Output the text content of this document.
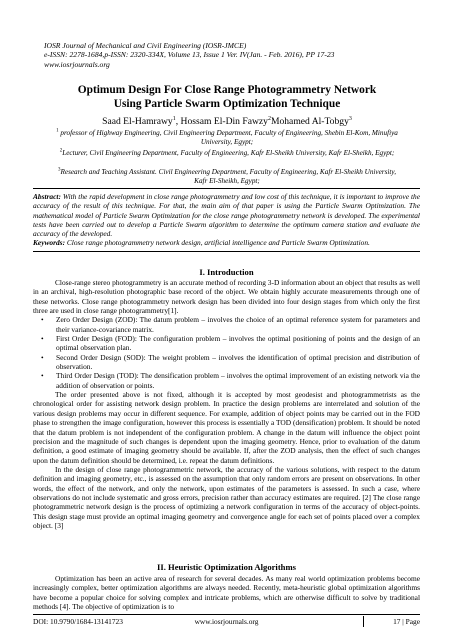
IOSR Journal of Mechanical and Civil Engineering (IOSR-JMCE)
e-ISSN: 2278-1684,p-ISSN: 2320-334X, Volume 13, Issue 1 Ver. IV(Jan. - Feb. 2016), PP 17-23
www.iosrjournals.org
Optimum Design For Close Range Photogrammetry Network
Using Particle Swarm Optimization Technique
Saad El-Hamrawy$^1$, Hossam El-Din Fawzy$^2$Mohamed Al-Tobgy$^3$
$^1$ professor of Highway Engineering, Civil Engineering Department, Faculty of Engineering, Shebin El-Kom, Minufiya University, Egypt;
$^2$Lecturer, Civil Engineering Department, Faculty of Engineering, Kafr El-Sheikh University, Kafr El-Sheikh, Egypt;
$^3$Research and Teaching Assistant. Civil Engineering Department, Faculty of Engineering, Kafr El-Sheikh University, Kafr El-Sheikh, Egypt;
Abstract: With the rapid development in close range photogrammetry and low cost of this technique, it is important to improve the accuracy of the result of this technique. For that, the main aim of that paper is using the Particle Swarm Optimization. The mathematical model of Particle Swarm Optimization for the close range photogrammetry network is developed. The experimental tests have been carried out to develop a Particle Swarm algorithm to determine the optimum camera station and evaluate the accuracy of the developed.
Keywords: Close range photogrammetry network design, artificial intelligence and Particle Swarm Optimization.
I. Introduction

Close-range stereo photogrammetry is an accurate method of recording 3-D information about an object that results as well in an archival, high-resolution photographic base record of the object. We obtain highly accurate measurements through one of these networks. Close range photogrammetry network design has been divided into four design stages from which only the first three are used in close range photogrammetry[1].

• Zero Order Design (ZOD): The datum problem – involves the choice of an optimal reference system for parameters and their variance-covariance matrix.
• First Order Design (FOD): The configuration problem – involves the optimal positioning of points and the design of an optimal observation plan.
• Second Order Design (SOD): The weight problem – involves the identification of optimal precision and distribution of observation.
• Third Order Design (TOD): The densification problem – involves the optimal improvement of an existing network via the addition of observation or points.

The order presented above is not fixed, although it is accepted by most geodesist and photogrammetrists as the chronological order for assisting network design problem. In practice the design problems are interrelated and solution of the various design problems may occur in different sequence. For example, addition of object points may be carried out in the FOD phase to strengthen the image configuration, however this process is essentially a TOD (densification) problem. It should be noted that the datum problem is not independent of the configuration problem. A change in the datum will influence the object point precision and the magnitude of such changes is dependent upon the imaging geometry. Hence, prior to evaluation of the datum definition, a good estimate of imaging geometry should be available. If, after the ZOD analysis, then the effect of such changes upon the datum definition should be determined, i.e. repeat the datum definitions.

In the design of close range photogrammetric network, the accuracy of the various solutions, with respect to the datum definition and imaging geometry, etc., is assessed on the assumption that only random errors are present on observations. In other words, the effect of the network, and only the network, upon estimates of the parameters is assessed. In such a case, where observations do not include systematic and gross errors, precision rather than accuracy estimates are required. [2] The close range photogrammetric network design is the process of optimizing a network configuration in terms of the accuracy of object-points. This design stage must provide an optimal imaging geometry and convergence angle for each set of points placed over a complex object. [3]

II. Heuristic Optimization Algorithms

Optimization has been an active area of research for several decades. As many real world optimization problems become increasingly complex, better optimization algorithms are always needed. Recently, meta-heuristic global optimization algorithms have become a popular choice for solving complex and intricate problems, which are otherwise difficult to solve by traditional methods [4]. The objective of optimization is to

DOI: 10.9790/1684-13141723	www.iosrjournals.org	17 | Page
